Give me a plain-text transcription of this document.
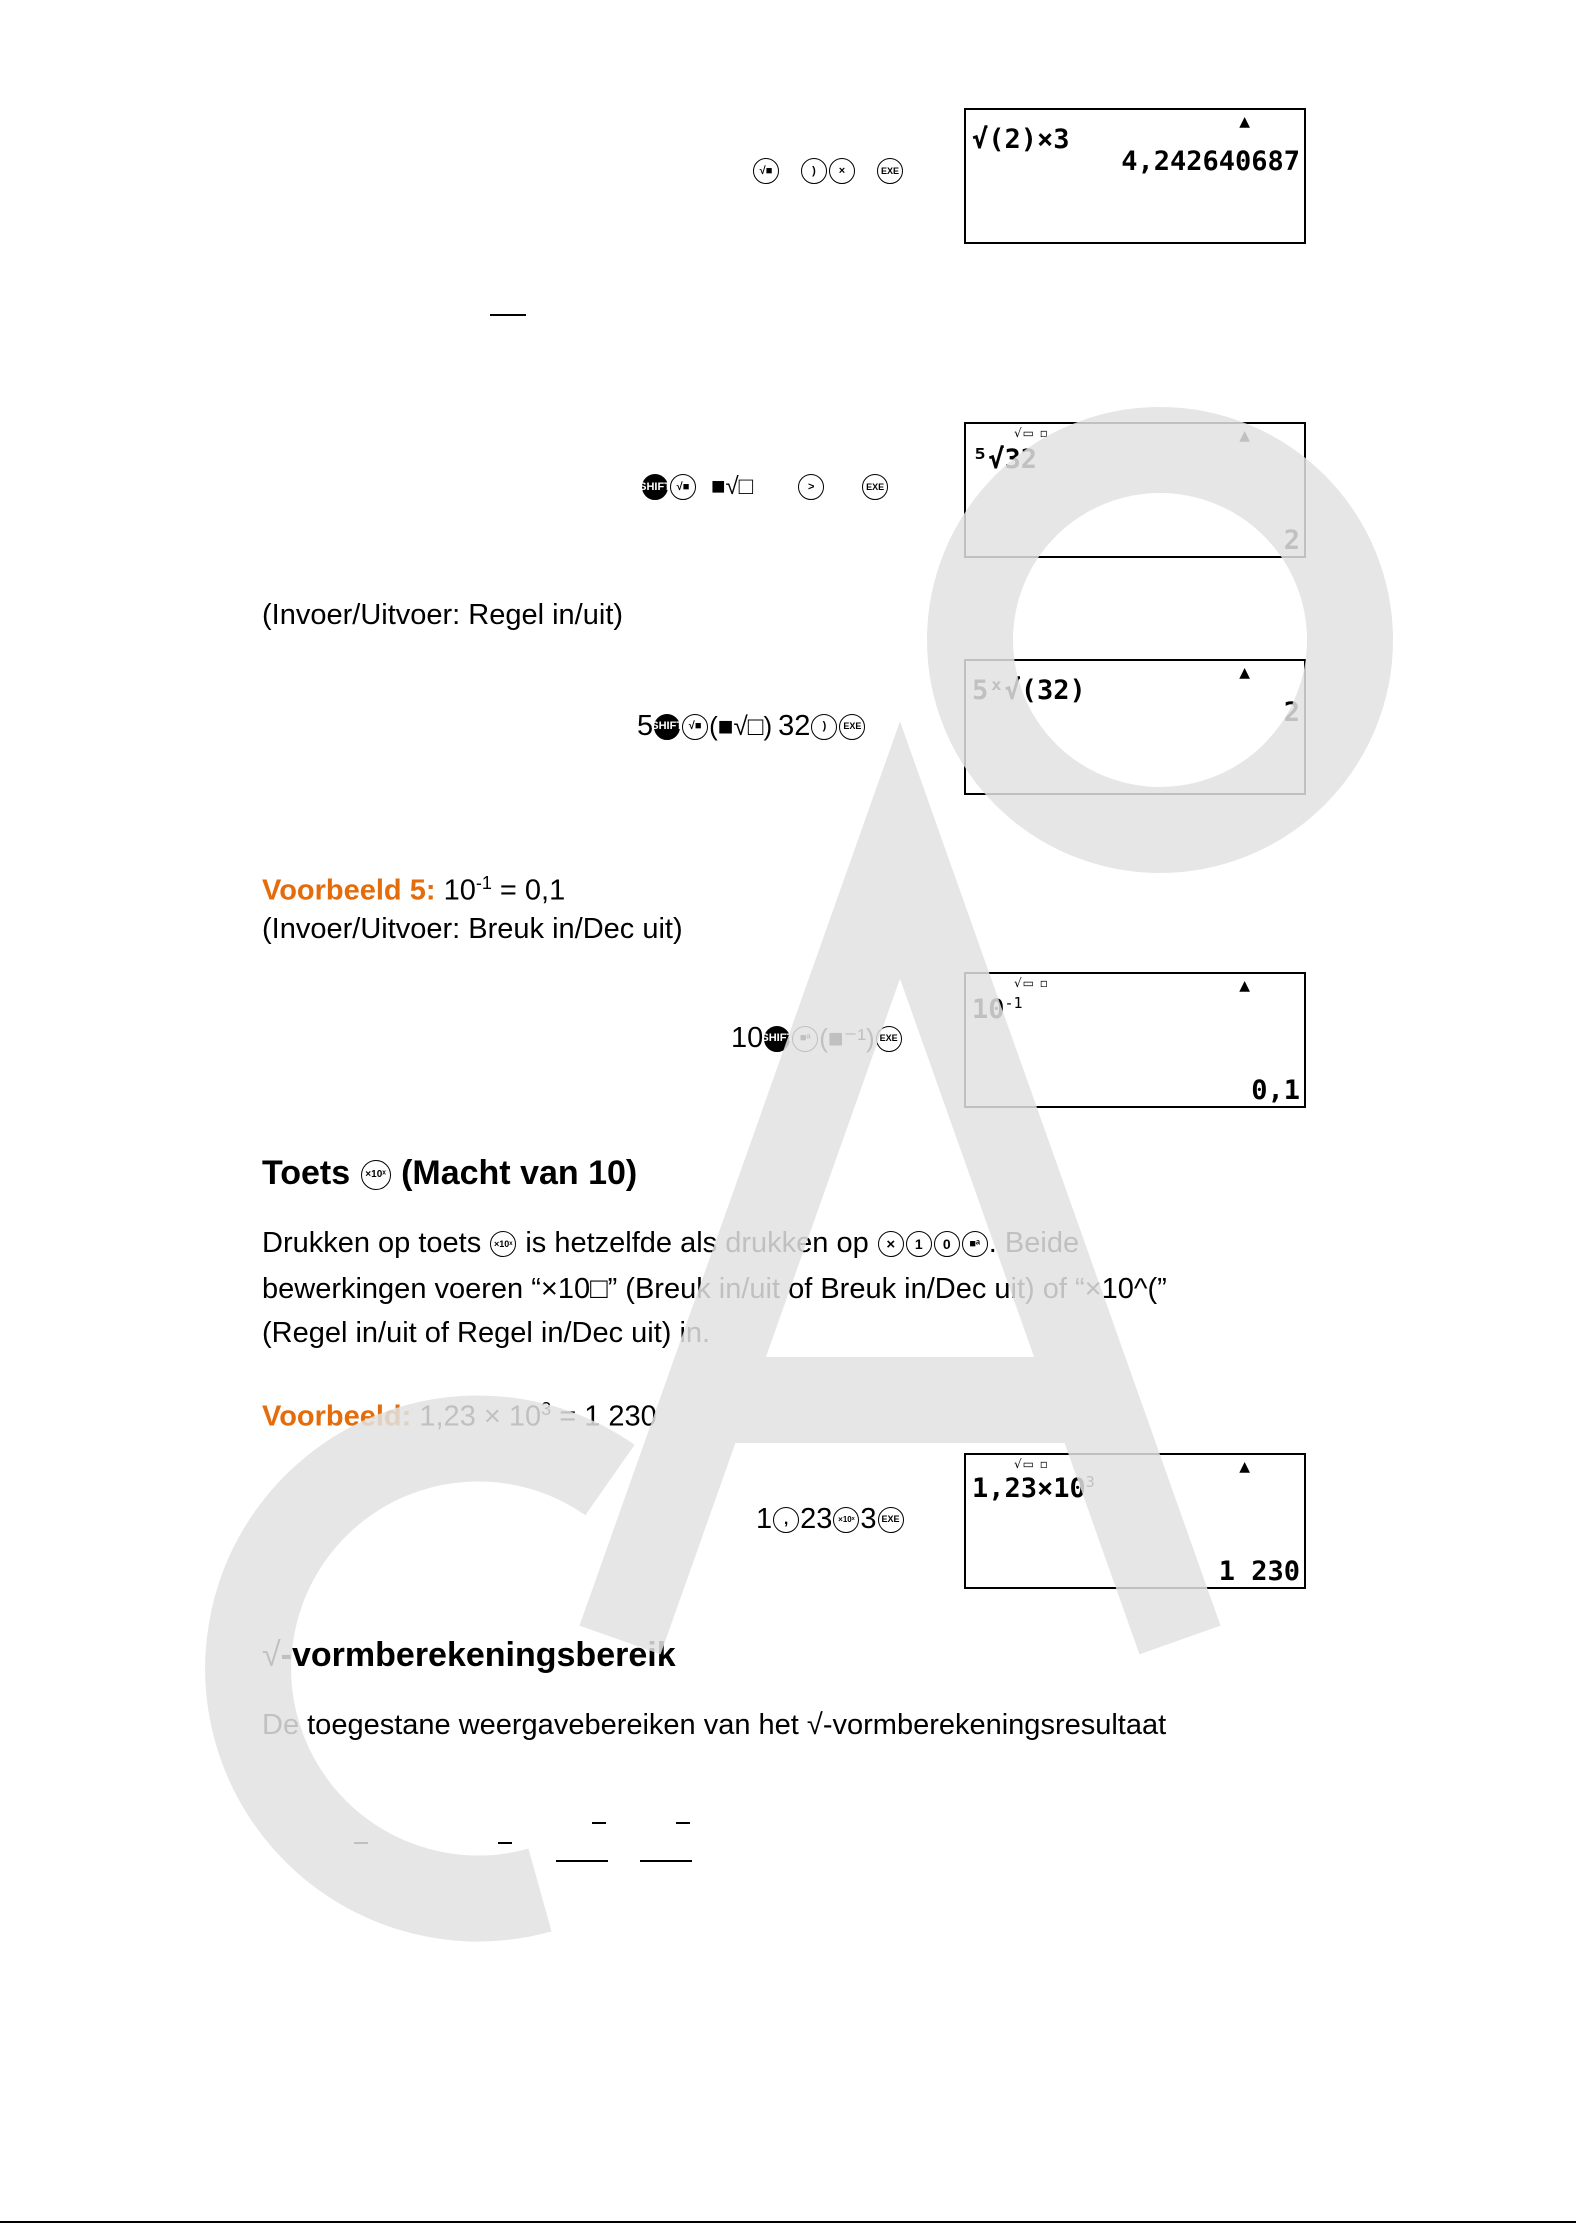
√■	) ×	EXE
▲
√(2)×3
4,242640687
SHIFT √■ ■√□	>	EXE
√▭ ▫	▲
⁵√32
2
(Invoer/Uitvoer: Regel in/uit)
5
SHIFT √■ (■√□) 32 ) EXE
▲
5ˣ√(32)
2
Voorbeeld 5: $10^{-1} = 0,1$
(Invoer/Uitvoer: Breuk in/Dec uit)
10
SHIFT ■ᵃ (■⁻¹) EXE
√▭ ▫	▲
$10^{-1}$
0,1
Toets ×10ˣ (Macht van 10)
Drukken op toets ×10ˣ is hetzelfde als drukken op × 1 0 ■ᵃ . Beide
bewerkingen voeren “×10□” (Breuk in/uit of Breuk in/Dec uit) of “×10^(”
(Regel in/uit of Regel in/Dec uit) in.
Voorbeeld: $1,23 \times 10^3 = 1$ 230
1 , 23 ×10ˣ 3 EXE
√▭ ▫	▲
$1,23\times 10^3$
1 230
√-vormberekeningsbereik
De toegestane weergavebereiken van het √-vormberekeningsresultaat
